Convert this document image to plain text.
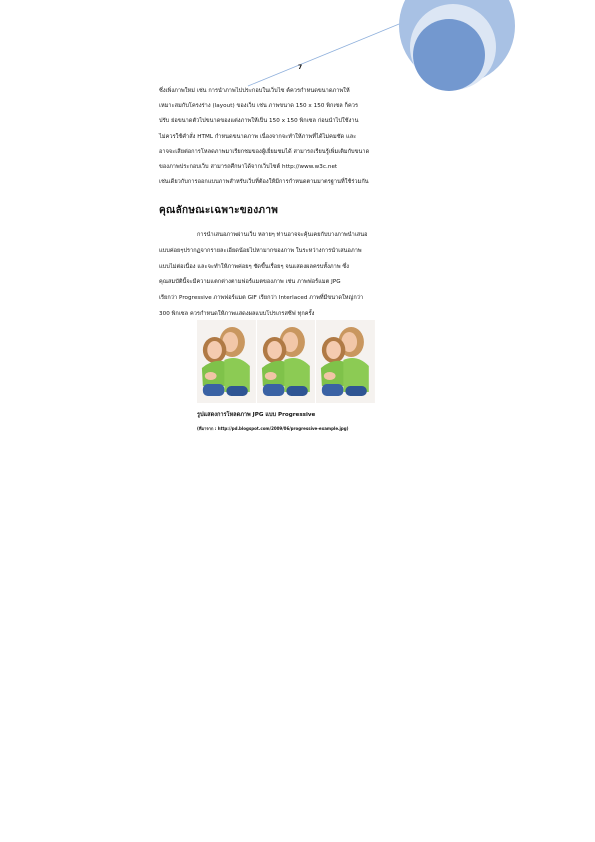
7
ซึ่งเพิ่งภาพใหม่ เช่น การนำภาพไปประกอบในเว็บไซ ต์ควรกำหนดขนาดภาพให้
เหมาะสมกับโครงร่าง (layout) ของเว็บ เช่น ภาพขนาด 150 x 150 พิกเซล ก็ควร
ปรับ ย่อขนาดตัวไปขนาดของแต่งภาพให้เป็น 150 x 150 พิกเซล ก่อนนำไปใช้งาน
ไม่ควรใช้คำสั่ง HTML กำหนดขนาดภาพ เนื่องจากจะทำให้ภาพที่ได้ไม่คมชัด และ
อาจจะเสียต่อการโหลดภาพมาเรียกชมของผู้เยี่ยมชมได้ สามารถเรียนรู้เพิ่มเติมกับขนาด
ของภาพประกอบเว็บ สามารถศึกษาได้จากเว็บไซต์ http://www.w3c.net
เช่นเดียวกับการออกแบบภาพสำหรับเว็บที่ต้องให้มีการกำหนดตามมาตรฐานที่ใช้ร่วมกัน
คุณลักษณะเฉพาะของภาพ
การนำเสนอภาพผ่านเว็บ หลายๆ ท่านอาจจะคุ้นเคยกับบางภาพนำเสนอ
แบบค่อยๆปรากฏจากรายละเอียดน้อยไปหามากของภาพ ในระหว่างการนำเสนอภาพ
แบบไม่ต่อเนื่อง และจะทำให้ภาพค่อยๆ ชัดขึ้นเรื่อยๆ จนแสดงผลครบทั้งภาพ ซึ่ง
คุณสมบัตินี้จะมีความแตกต่างตามฟอร์แมตของภาพ เช่น ภาพฟอร์แมต JPG
เรียกว่า Progressive ภาพฟอร์แมต GIF เรียกว่า Interlaced ภาพที่มีขนาดใหญ่กว่า
300 พิกเซล ควรกำหนดให้ภาพแสดงผลแบบโปรเกรสซีฟ ทุกครั้ง
รูปแสดงการโหลดภาพ JPG แบบ Progressive
(ที่มาจาก : http://pd.blogspot.com/2009/06/progressive-example.jpg)
